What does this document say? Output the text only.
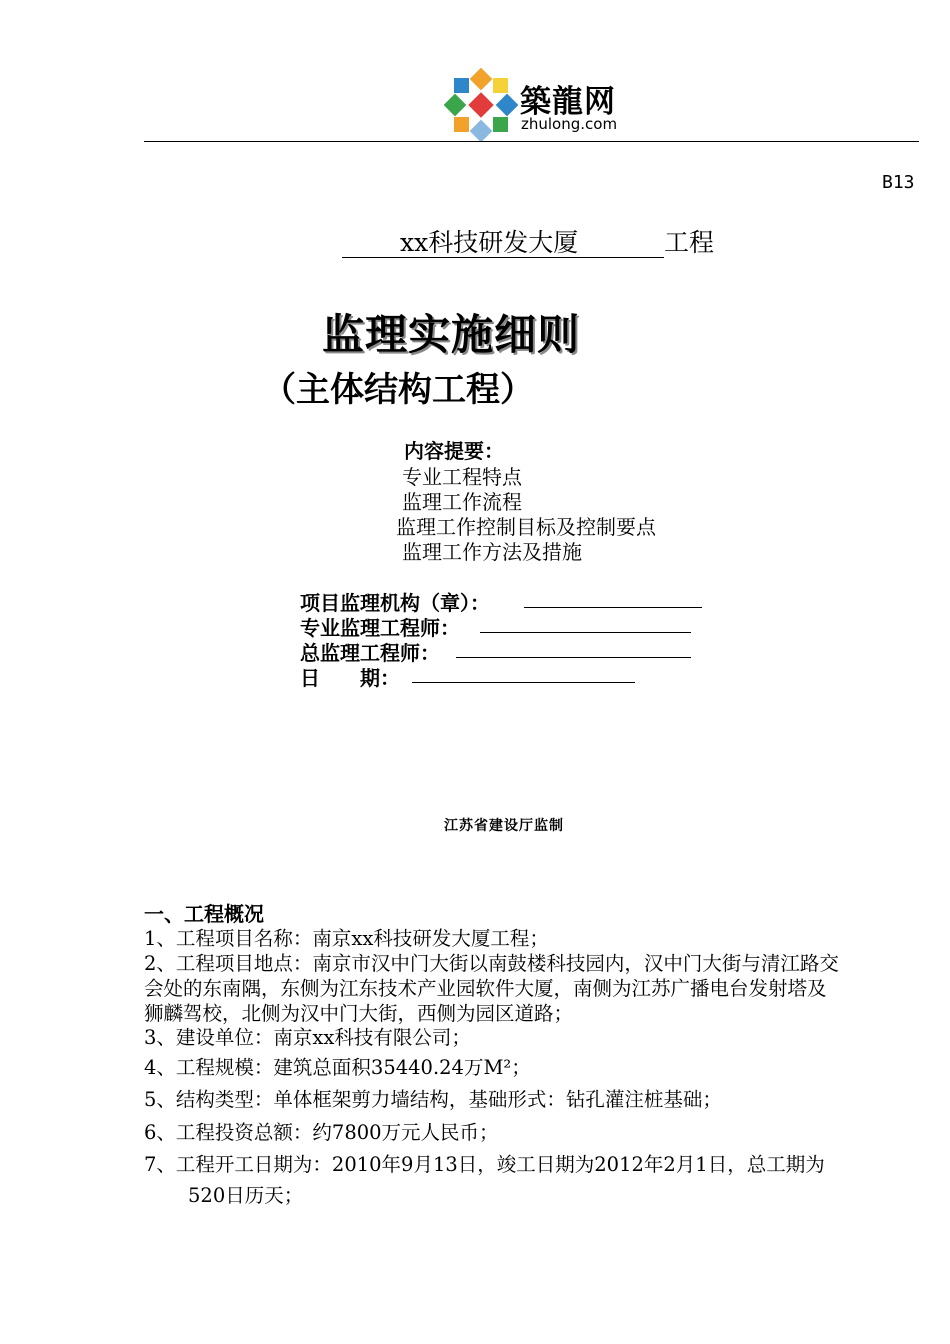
築龍网
zhulong.com
B13
xx科技研发大厦	工程
监理实施细则
（主体结构工程）
内容提要：
专业工程特点
监理工作流程
监理工作控制目标及控制要点
监理工作方法及措施
项目监理机构（章）：
专业监理工程师：
总监理工程师：
日　　期：
江苏省建设厅监制
一、工程概况
1、工程项目名称：南京xx科技研发大厦工程；
2、工程项目地点：南京市汉中门大街以南鼓楼科技园内，汉中门大街与清江路交
会处的东南隅，东侧为江东技术产业园软件大厦，南侧为江苏广播电台发射塔及
狮麟驾校，北侧为汉中门大街，西侧为园区道路；
3、建设单位：南京xx科技有限公司；
4、工程规模：建筑总面积35440.24万M²；
5、结构类型：单体框架剪力墙结构，基础形式：钻孔灌注桩基础；
6、工程投资总额：约7800万元人民币；
7、工程开工日期为：2010年9月13日，竣工日期为2012年2月1日，总工期为
520日历天；
